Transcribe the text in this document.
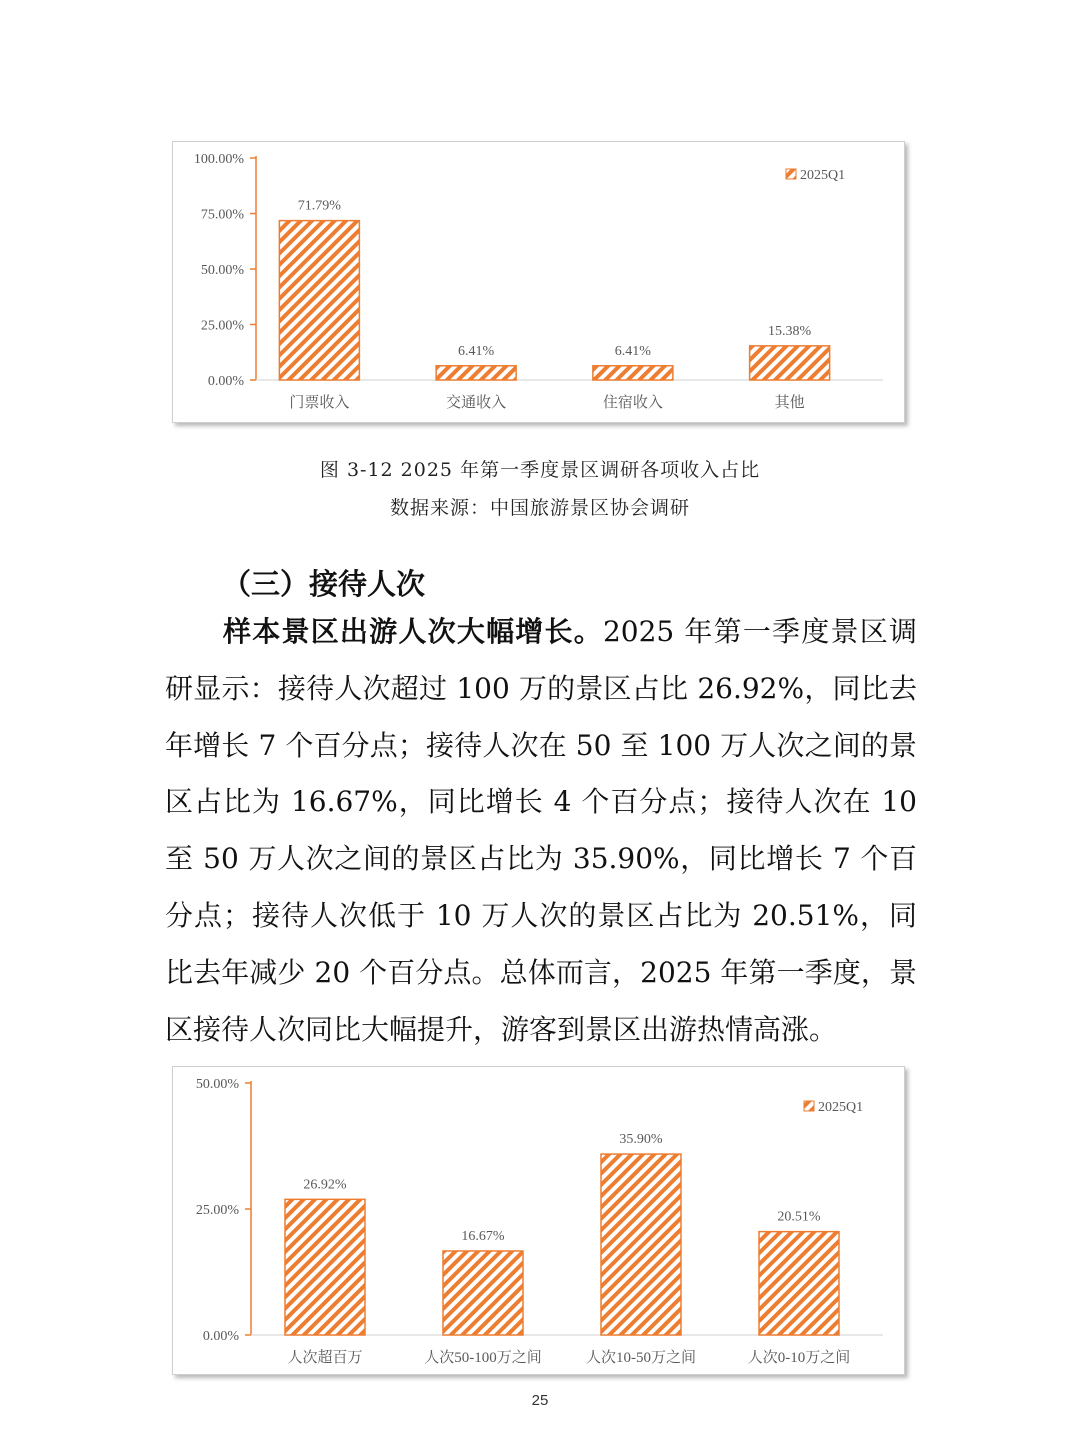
0.00%
25.00%
50.00%
75.00%
100.00%
71.79%
门票收入
6.41%
交通收入
6.41%
住宿收入
15.38%
其他
2025Q1
图 3-12 2025 年第一季度景区调研各项收入占比
数据来源：中国旅游景区协会调研
（三）接待人次
样本景区出游人次大幅增长。2025 年第一季度景区调研显示：接待人次超过 100 万的景区占比 26.92%，同比去年增长 7 个百分点；接待人次在 50 至 100 万人次之间的景区占比为 16.67%，同比增长 4 个百分点；接待人次在 10 至 50 万人次之间的景区占比为 35.90%，同比增长 7 个百分点；接待人次低于 10 万人次的景区占比为 20.51%，同比去年减少 20 个百分点。总体而言，2025 年第一季度，景区接待人次同比大幅提升，游客到景区出游热情高涨。
0.00%
25.00%
50.00%
26.92%
人次超百万
16.67%
人次50-100万之间
35.90%
人次10-50万之间
20.51%
人次0-10万之间
2025Q1
25
